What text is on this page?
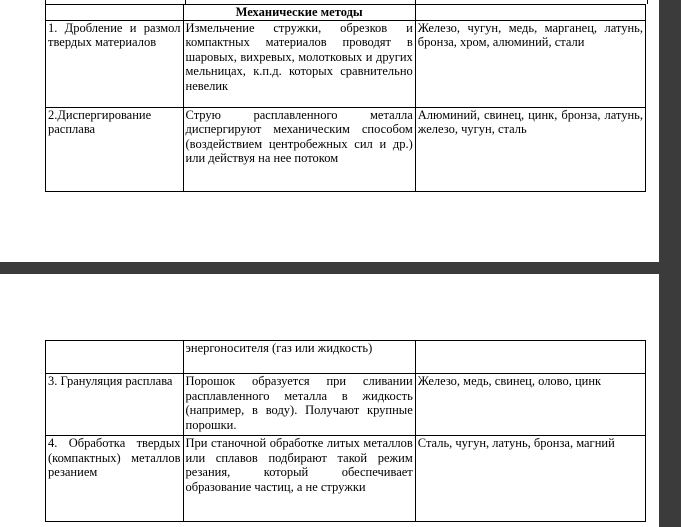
	Механические методы	
1. Дробление и размол твердых материалов	Измельчение стружки, обрезков и компактных материалов проводят в шаровых, вихревых, молотковых и других мельницах, к.п.д. которых сравнительно невелик	Железо, чугун, медь, марганец, латунь, бронза, хром, алюминий, стали
2.Диспергирование расплава	Струю расплавленного металла диспергируют механическим способом (воздействием центробежных сил и др.) или действуя на нее потоком	Алюминий, свинец, цинк, бронза, латунь, железо, чугун, сталь
	энергоносителя (газ или жидкость)	
3. Грануляция расплава	Порошок образуется при сливании расплавленного металла в жидкость (например, в воду). Получают крупные порошки.	Железо, медь, свинец, олово, цинк
4. Обработка твердых (компактных) металлов резанием	При станочной обработке литых металлов или сплавов подбирают такой режим резания, который обеспечивает образование частиц, а не стружки	Сталь, чугун, латунь, бронза, магний
